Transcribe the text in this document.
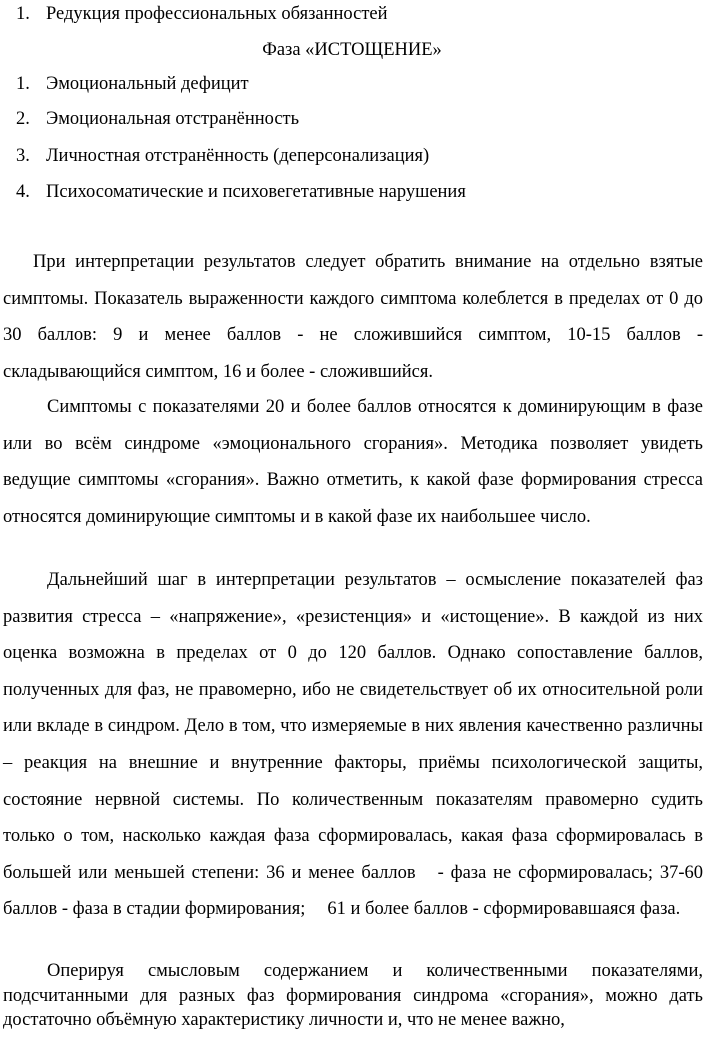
1. Редукция профессиональных обязанностей
Фаза «ИСТОЩЕНИЕ»
1. Эмоциональный дефицит
2. Эмоциональная отстранённость
3. Личностная отстранённость (деперсонализация)
4. Психосоматические и психовегетативные нарушения

При интерпретации результатов следует обратить внимание на отдельно взятые симптомы. Показатель выраженности каждого симптома колеблется в пределах от 0 до 30 баллов: 9 и менее баллов - не сложившийся симптом, 10-15 баллов - складывающийся симптом, 16 и более - сложившийся.

Симптомы с показателями 20 и более баллов относятся к доминирующим в фазе или во всём синдроме «эмоционального сгорания». Методика позволяет увидеть ведущие симптомы «сгорания». Важно отметить, к какой фазе формирования стресса относятся доминирующие симптомы и в какой фазе их наибольшее число.

Дальнейший шаг в интерпретации результатов – осмысление показателей фаз развития стресса – «напряжение», «резистенция» и «истощение». В каждой из них оценка возможна в пределах от 0 до 120 баллов. Однако сопоставление баллов, полученных для фаз, не правомерно, ибо не свидетельствует об их относительной роли или вкладе в синдром. Дело в том, что измеряемые в них явления качественно различны – реакция на внешние и внутренние факторы, приёмы психологической защиты, состояние нервной системы. По количественным показателям правомерно судить только о том, насколько каждая фаза сформировалась, какая фаза сформировалась в большей или меньшей степени: 36 и менее баллов - фаза не сформировалась; 37-60 баллов - фаза в стадии формирования; 61 и более баллов - сформировавшаяся фаза.

Оперируя смысловым содержанием и количественными показателями, подсчитанными для разных фаз формирования синдрома «сгорания», можно дать достаточно объёмную характеристику личности и, что не менее важно,
